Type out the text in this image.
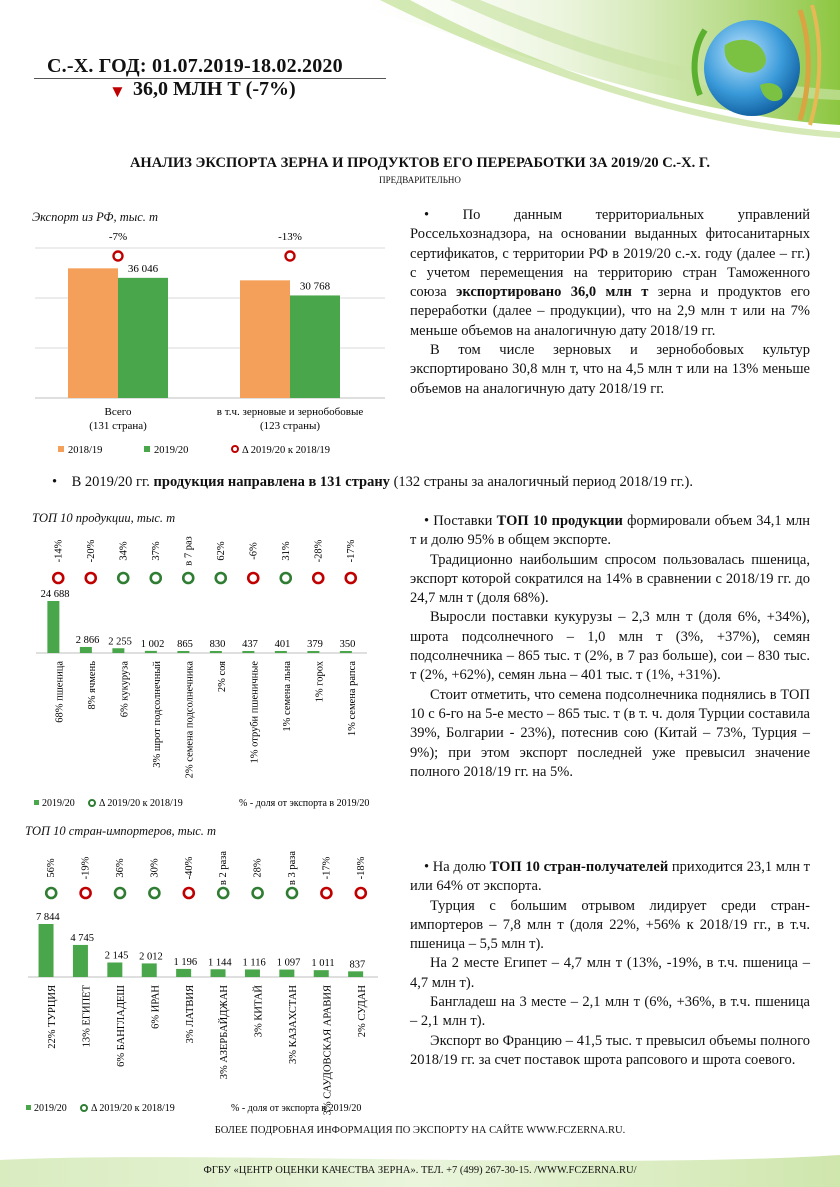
С.-Х. ГОД: 01.07.2019-18.02.2020
▼ 36,0 МЛН Т (-7%)
АНАЛИЗ ЭКСПОРТА ЗЕРНА И ПРОДУКТОВ ЕГО ПЕРЕРАБОТКИ ЗА 2019/20 С.-Х. Г.
ПРЕДВАРИТЕЛЬНО
Экспорт из РФ, тыс. т
36 046
-7%
Всего
(131 страна)
30 768
-13%
в т.ч. зерновые и зернобобовые
(123 страны)
2018/19	2019/20	Δ 2019/20 к 2018/19

• По данным территориальных управлений Россельхознадзора, на основании выданных фитосанитарных сертификатов, с территории РФ в 2019/20 с.-х. году (далее – гг.) с учетом перемещения на территорию стран Таможенного союза экспортировано 36,0 млн т зерна и продуктов его переработки (далее – продукции), что на 2,9 млн т или на 7% меньше объемов на аналогичную дату 2018/19 гг.

В том числе зерновых и зернобобовых культур экспортировано 30,8 млн т, что на 4,5 млн т или на 13% меньше объемов на аналогичную дату 2018/19 гг.

• В 2019/20 гг. продукция направлена в 131 страну (132 страны за аналогичный период 2018/19 гг.).
ТОП 10 продукции, тыс. т
-14%
24 688
68% пшеница
-20%
2 866
8% ячмень
34%
2 255
6% кукуруза
37%
1 002
3% шрот подсолнечный
в 7 раз
865
2% семена подсолнечника
62%
830
2% соя
-6%
437
1% отруби пшеничные
31%
401
1% семена льна
-28%
379
1% горох
-17%
350
1% семена рапса
2019/20 Δ 2019/20 к 2018/19	% - доля от экспорта в 2019/20

• Поставки ТОП 10 продукции формировали объем 34,1 млн т и долю 95% в общем экспорте.

Традиционно наибольшим спросом пользовалась пшеница, экспорт которой сократился на 14% в сравнении с 2018/19 гг. до 24,7 млн т (доля 68%).

Выросли поставки кукурузы – 2,3 млн т (доля 6%, +34%), шрота подсолнечного – 1,0 млн т (3%, +37%), семян подсолнечника – 865 тыс. т (2%, в 7 раз больше), сои – 830 тыс. т (2%, +62%), семян льна – 401 тыс. т (1%, +31%).

Стоит отметить, что семена подсолнечника поднялись в ТОП 10 с 6-го на 5-е место – 865 тыс. т (в т. ч. доля Турции составила 39%, Болгарии - 23%), потеснив сою (Китай – 73%, Турция – 9%); при этом экспорт последней уже превысил значение полного 2018/19 гг. на 5%.

ТОП 10 стран-импортеров, тыс. т
56%
7 844
22% ТУРЦИЯ
-19%
4 745
13% ЕГИПЕТ
36%
2 145
6% БАНГЛАДЕШ
30%
2 012
6% ИРАН
-40%
1 196
3% ЛАТВИЯ
в 2 раза
1 144
3% АЗЕРБАЙДЖАН
28%
1 116
3% КИТАЙ
в 3 раза
1 097
3% КАЗАХСТАН
-17%
1 011
3% САУДОВСКАЯ АРАВИЯ
-18%
837
2% СУДАН
2019/20 Δ 2019/20 к 2018/19	% - доля от экспорта в 2019/20

• На долю ТОП 10 стран-получателей приходится 23,1 млн т или 64% от экспорта.

Турция с большим отрывом лидирует среди стран-импортеров – 7,8 млн т (доля 22%, +56% к 2018/19 гг., в т.ч. пшеница – 5,5 млн т).

На 2 месте Египет – 4,7 млн т (13%, -19%, в т.ч. пшеница – 4,7 млн т).

Бангладеш на 3 месте – 2,1 млн т (6%, +36%, в т.ч. пшеница – 2,1 млн т).

Экспорт во Францию – 41,5 тыс. т превысил объемы полного 2018/19 гг. за счет поставок шрота рапсового и шрота соевого.

БОЛЕЕ ПОДРОБНАЯ ИНФОРМАЦИЯ ПО ЭКСПОРТУ НА САЙТЕ WWW.FCZERNA.RU.
ФГБУ «ЦЕНТР ОЦЕНКИ КАЧЕСТВА ЗЕРНА». ТЕЛ. +7 (499) 267-30-15. /WWW.FCZERNA.RU/
